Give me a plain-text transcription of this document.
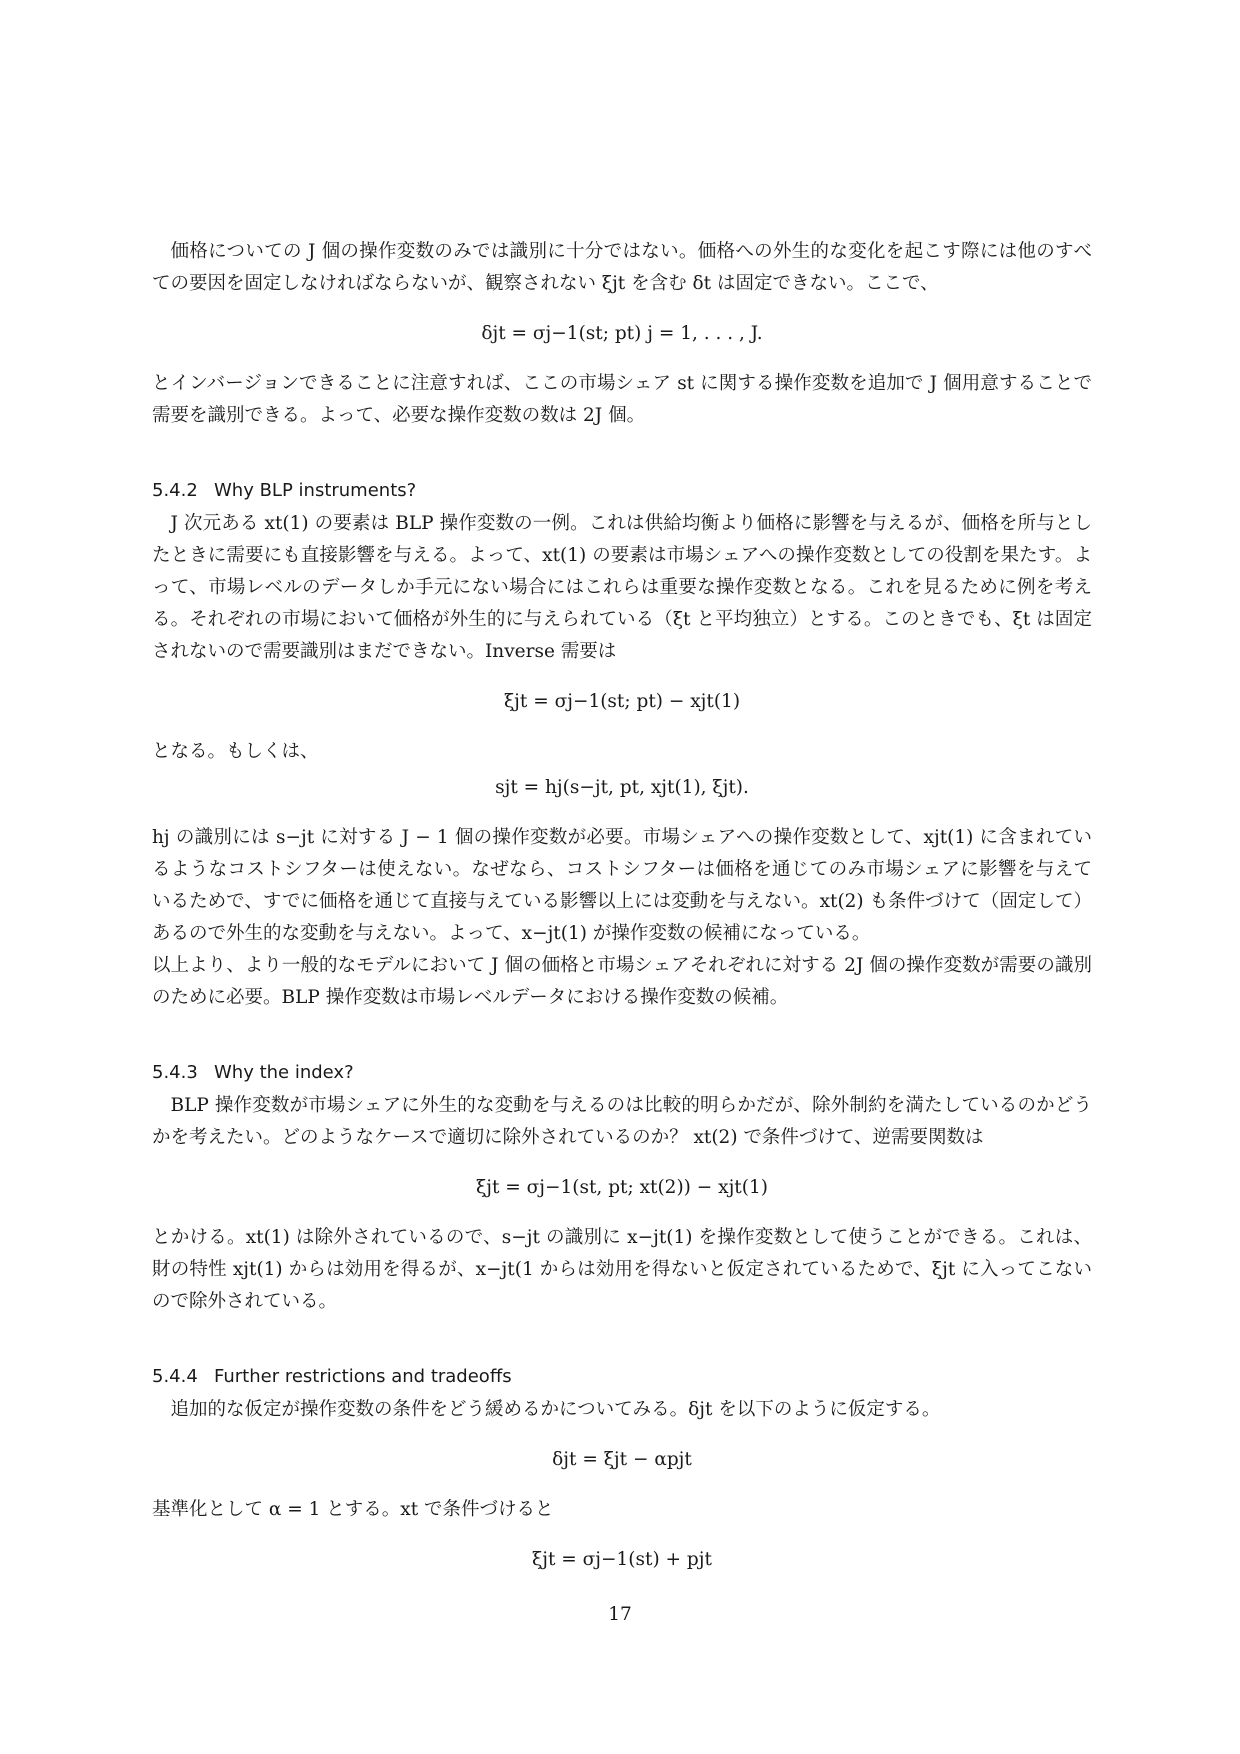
価格についての J 個の操作変数のみでは識別に十分ではない。価格への外生的な変化を起こす際には他のすべての要因を固定しなければならないが、観察されない ξjt を含む δt は固定できない。ここで、

δjt = σj−1(st; pt) j = 1, . . . , J.

とインバージョンできることに注意すれば、ここの市場シェア st に関する操作変数を追加で J 個用意することで需要を識別できる。よって、必要な操作変数の数は 2J 個。

5.4.2 Why BLP instruments?

J 次元ある xt(1) の要素は BLP 操作変数の一例。これは供給均衡より価格に影響を与えるが、価格を所与としたときに需要にも直接影響を与える。よって、xt(1) の要素は市場シェアへの操作変数としての役割を果たす。よって、市場レベルのデータしか手元にない場合にはこれらは重要な操作変数となる。これを見るために例を考える。それぞれの市場において価格が外生的に与えられている（ξt と平均独立）とする。このときでも、ξt は固定されないので需要識別はまだできない。Inverse 需要は

ξjt = σj−1(st; pt) − xjt(1)

となる。もしくは、

sjt = hj(s−jt, pt, xjt(1), ξjt).

hj の識別には s−jt に対する J − 1 個の操作変数が必要。市場シェアへの操作変数として、xjt(1) に含まれているようなコストシフターは使えない。なぜなら、コストシフターは価格を通じてのみ市場シェアに影響を与えているためで、すでに価格を通じて直接与えている影響以上には変動を与えない。xt(2) も条件づけて（固定して）あるので外生的な変動を与えない。よって、x−jt(1) が操作変数の候補になっている。

以上より、より一般的なモデルにおいて J 個の価格と市場シェアそれぞれに対する 2J 個の操作変数が需要の識別のために必要。BLP 操作変数は市場レベルデータにおける操作変数の候補。

5.4.3 Why the index?

BLP 操作変数が市場シェアに外生的な変動を与えるのは比較的明らかだが、除外制約を満たしているのかどうかを考えたい。どのようなケースで適切に除外されているのか？ xt(2) で条件づけて、逆需要関数は

ξjt = σj−1(st, pt; xt(2)) − xjt(1)

とかける。xt(1) は除外されているので、s−jt の識別に x−jt(1) を操作変数として使うことができる。これは、財の特性 xjt(1) からは効用を得るが、x−jt(1 からは効用を得ないと仮定されているためで、ξjt に入ってこないので除外されている。

5.4.4 Further restrictions and tradeoffs

追加的な仮定が操作変数の条件をどう緩めるかについてみる。δjt を以下のように仮定する。

δjt = ξjt − αpjt

基準化として α = 1 とする。xt で条件づけると

ξjt = σj−1(st) + pjt
17
